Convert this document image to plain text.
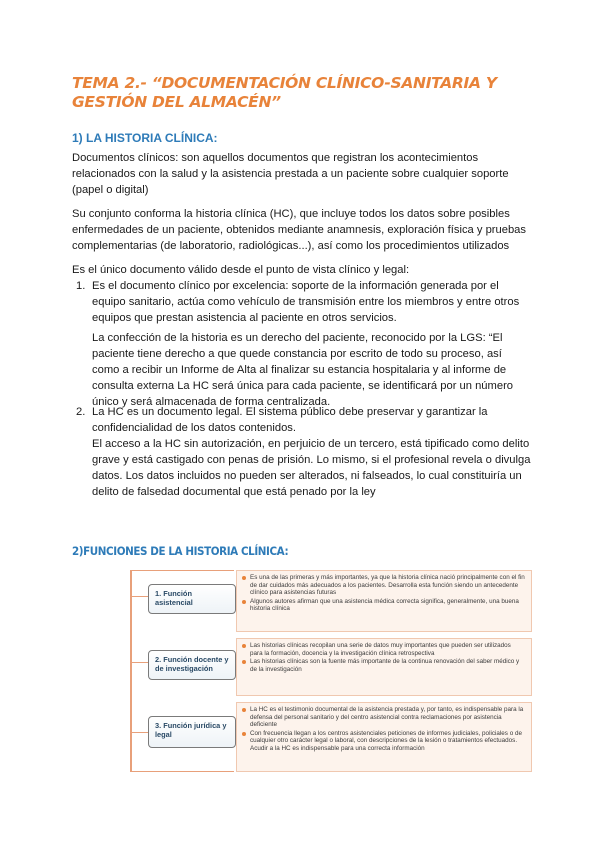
TEMA 2.- “DOCUMENTACIÓN CLÍNICO-SANITARIA Y GESTIÓN DEL ALMACÉN”
1) LA HISTORIA CLÍNICA:
Documentos clínicos: son aquellos documentos que registran los acontecimientos relacionados con la salud y la asistencia prestada a un paciente sobre cualquier soporte (papel o digital)
Su conjunto conforma la historia clínica (HC), que incluye todos los datos sobre posibles enfermedades de un paciente, obtenidos mediante anamnesis, exploración física y pruebas complementarias (de laboratorio, radiológicas...), así como los procedimientos utilizados
Es el único documento válido desde el punto de vista clínico y legal:
1. Es el documento clínico por excelencia: soporte de la información generada por el equipo sanitario, actúa como vehículo de transmisión entre los miembros y entre otros equipos que prestan asistencia al paciente en otros servicios.
La confección de la historia es un derecho del paciente, reconocido por la LGS: “El paciente tiene derecho a que quede constancia por escrito de todo su proceso, así como a recibir un Informe de Alta al finalizar su estancia hospitalaria y al informe de consulta externa La HC será única para cada paciente, se identificará por un número único y será almacenada de forma centralizada.
2. La HC es un documento legal. El sistema público debe preservar y garantizar la confidencialidad de los datos contenidos.
El acceso a la HC sin autorización, en perjuicio de un tercero, está tipificado como delito grave y está castigado con penas de prisión. Lo mismo, si el profesional revela o divulga datos. Los datos incluidos no pueden ser alterados, ni falseados, lo cual constituiría un delito de falsedad documental que está penado por la ley
2)FUNCIONES DE LA HISTORIA CLÍNICA:
1. Función asistencial
Es una de las primeras y más importantes, ya que la historia clínica nació principalmente con el fin de dar cuidados más adecuados a los pacientes. Desarrolla esta función siendo un antecedente clínico para asistencias futuras
Algunos autores afirman que una asistencia médica correcta significa, generalmente, una buena historia clínica
2. Función docente y de investigación
Las historias clínicas recopilan una serie de datos muy importantes que pueden ser utilizados para la formación, docencia y la investigación clínica retrospectiva
Las historias clínicas son la fuente más importante de la continua renovación del saber médico y de la investigación
3. Función jurídica y legal
La HC es el testimonio documental de la asistencia prestada y, por tanto, es indispensable para la defensa del personal sanitario y del centro asistencial contra reclamaciones por asistencia deficiente
Con frecuencia llegan a los centros asistenciales peticiones de informes judiciales, policiales o de cualquier otro carácter legal o laboral, con descripciones de la lesión o tratamientos efectuados. Acudir a la HC es indispensable para una correcta información
